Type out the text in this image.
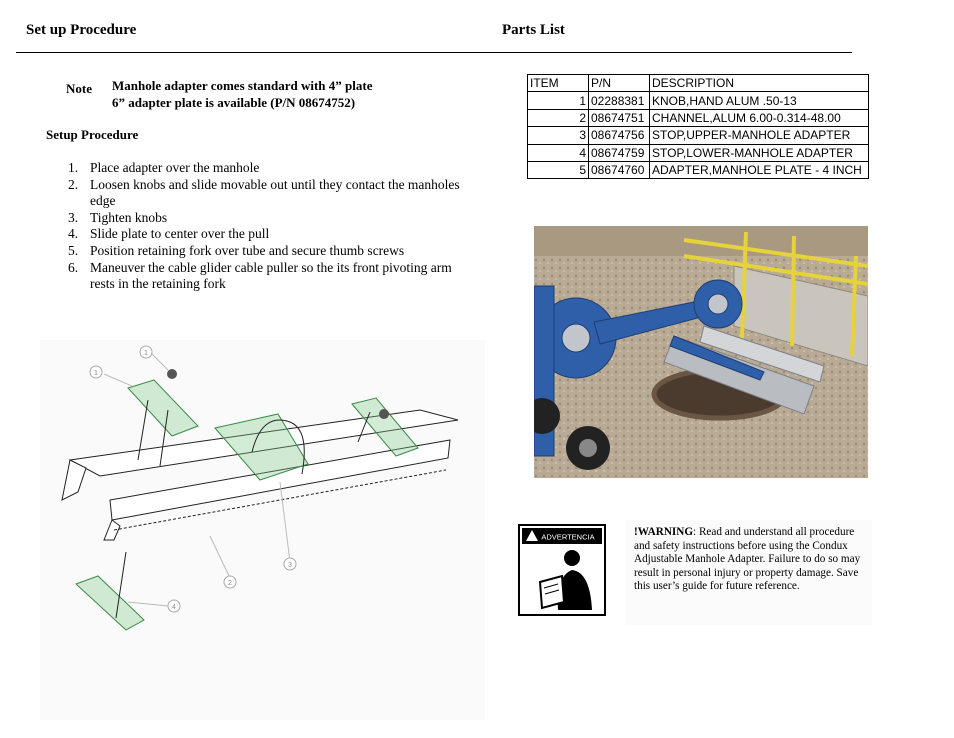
Set up Procedure	Parts List
Note Manhole adapter comes standard with 4” plate
6” adapter plate is available (P/N 08674752)
Setup Procedure
1. Place adapter over the manhole
2. Loosen knobs and slide movable out until they contact the manholes edge
3. Tighten knobs
4. Slide plate to center over the pull
5. Position retaining fork over tube and secure thumb screws
6. Maneuver the cable glider cable puller so the its front pivoting arm rests in the retaining fork
ITEM	P/N	DESCRIPTION
1	02288381	KNOB,HAND ALUM .50-13
2	08674751	CHANNEL,ALUM 6.00-0.314-48.00
3	08674756	STOP,UPPER-MANHOLE ADAPTER
4	08674759	STOP,LOWER-MANHOLE ADAPTER
5	08674760	ADAPTER,MANHOLE PLATE - 4 INCH
1
1
2
3
4
ADVERTENCIA	!WARNING: Read and understand all procedure and safety instructions before using the Condux Adjustable Manhole Adapter. Failure to do so may result in personal injury or property damage. Save this user’s guide for future reference.
